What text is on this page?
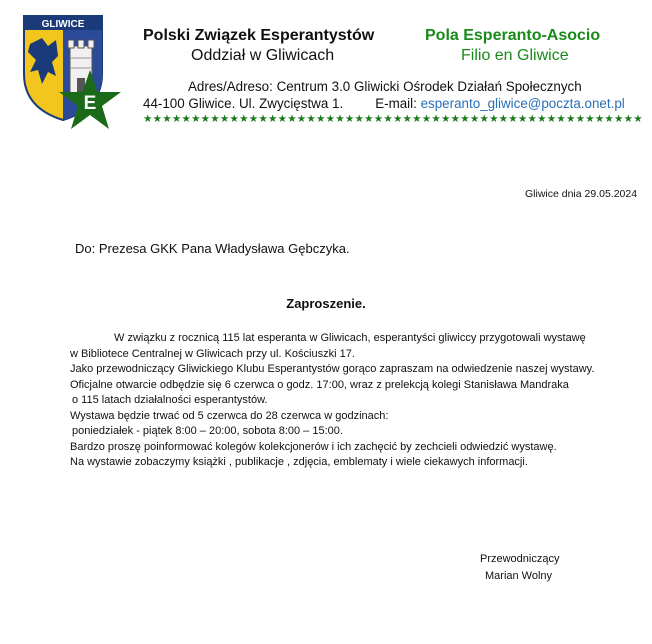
GLIWICE
E
Polski Związek Esperantystów
Oddział w Gliwicach
Pola Esperanto-Asocio
Filio en Gliwice
Adres/Adreso: Centrum 3.0 Gliwicki Ośrodek Działań Społecznych
44-100 Gliwice. Ul. Zwycięstwa 1. E-mail: esperanto_gliwice@poczta.onet.pl
★★★★★★★★★★★★★★★★★★★★★★★★★★★★★★★★★★★★★★★★★★★★★★★★★★★★
Gliwice dnia 29.05.2024
Do: Prezesa GKK Pana Władysława Gębczyka.
Zaproszenie.

W związku z rocznicą 115 lat esperanta w Gliwicach, esperantyści gliwiccy przygotowali wystawę

w Bibliotece Centralnej w Gliwicach przy ul. Kościuszki 17.

Jako przewodniczący Gliwickiego Klubu Esperantystów gorąco zapraszam na odwiedzenie naszej wystawy.

Oficjalne otwarcie odbędzie się 6 czerwca o godz. 17:00, wraz z prelekcją kolegi Stanisława Mandraka

o 115 latach działalności esperantystów.

Wystawa będzie trwać od 5 czerwca do 28 czerwca w godzinach:

poniedziałek - piątek 8:00 – 20:00, sobota 8:00 – 15:00.

Bardzo proszę poinformować kolegów kolekcjonerów i ich zachęcić by zechcieli odwiedzić wystawę.

Na wystawie zobaczymy książki , publikacje , zdjęcia, emblematy i wiele ciekawych informacji.

Przewodniczący
Marian Wolny
